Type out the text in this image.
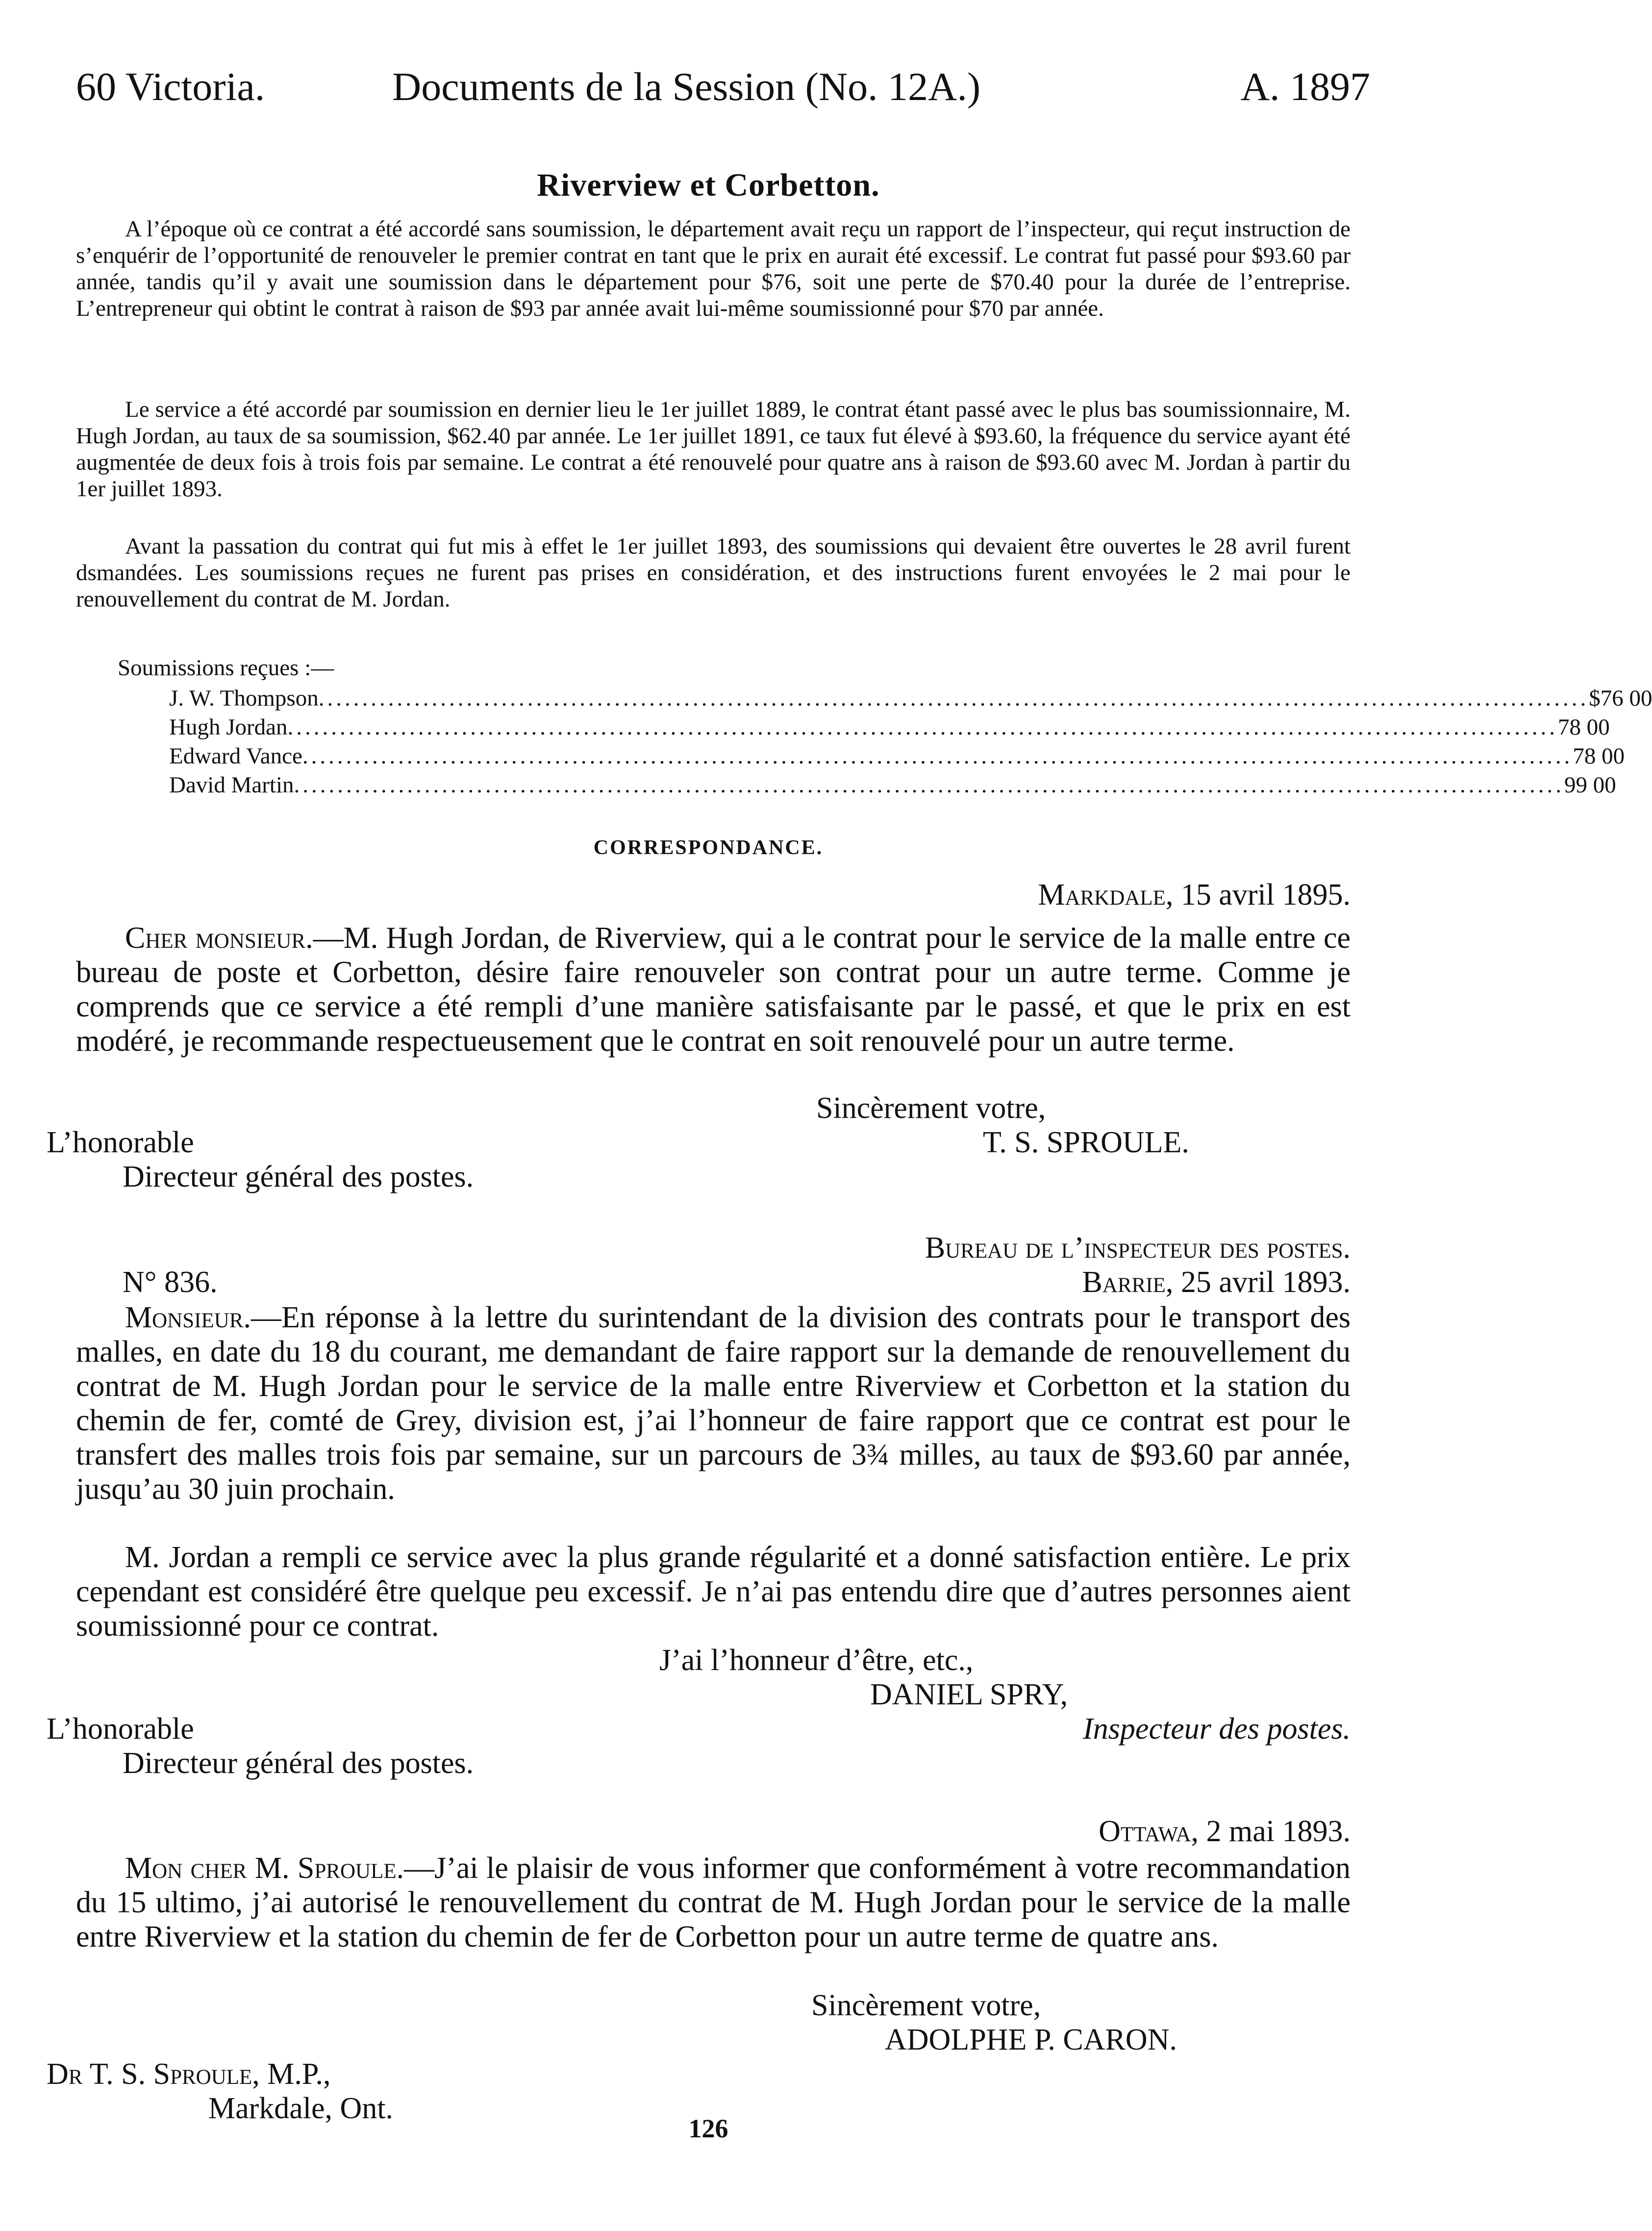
60 Victoria.	Documents de la Session (No. 12A.)	A. 1897
Riverview et Corbetton.
A l’époque où ce contrat a été accordé sans soumission, le département avait reçu un rapport de l’inspecteur, qui reçut instruction de s’enquérir de l’opportunité de renouveler le premier contrat en tant que le prix en aurait été excessif. Le contrat fut passé pour $93.60 par année, tandis qu’il y avait une soumission dans le département pour $76, soit une perte de $70.40 pour la durée de l’entreprise. L’entrepreneur qui obtint le contrat à raison de $93 par année avait lui-même soumissionné pour $70 par année.
Le service a été accordé par soumission en dernier lieu le 1er juillet 1889, le contrat étant passé avec le plus bas soumissionnaire, M. Hugh Jordan, au taux de sa soumission, $62.40 par année. Le 1er juillet 1891, ce taux fut élevé à $93.60, la fréquence du service ayant été augmentée de deux fois à trois fois par semaine. Le contrat a été renouvelé pour quatre ans à raison de $93.60 avec M. Jordan à partir du 1er juillet 1893.
Avant la passation du contrat qui fut mis à effet le 1er juillet 1893, des soumissions qui devaient être ouvertes le 28 avril furent dsmandées. Les soumissions reçues ne furent pas prises en considération, et des instructions furent envoyées le 2 mai pour le renouvellement du contrat de M. Jordan.
Soumissions reçues :—
J. W. Thompson .................................................................................................................................................. $76 00
Hugh Jordan .................................................................................................................................................. 78 00
Edward Vance .................................................................................................................................................. 78 00
David Martin .................................................................................................................................................. 99 00
CORRESPONDANCE.
Markdale, 15 avril 1895.
Cher monsieur.—M. Hugh Jordan, de Riverview, qui a le contrat pour le service de la malle entre ce bureau de poste et Corbetton, désire faire renouveler son contrat pour un autre terme. Comme je comprends que ce service a été rempli d’une manière satisfaisante par le passé, et que le prix en est modéré, je recommande respectueusement que le contrat en soit renouvelé pour un autre terme.
Sincèrement votre,
L’honorable	T. S. SPROULE.
Directeur général des postes.
Bureau de l’inspecteur des postes.
N° 836.	Barrie, 25 avril 1893.
Monsieur.—En réponse à la lettre du surintendant de la division des contrats pour le transport des malles, en date du 18 du courant, me demandant de faire rapport sur la demande de renouvellement du contrat de M. Hugh Jordan pour le service de la malle entre Riverview et Corbetton et la station du chemin de fer, comté de Grey, division est, j’ai l’honneur de faire rapport que ce contrat est pour le transfert des malles trois fois par semaine, sur un parcours de 3¾ milles, au taux de $93.60 par année, jusqu’au 30 juin prochain.
M. Jordan a rempli ce service avec la plus grande régularité et a donné satisfaction entière. Le prix cependant est considéré être quelque peu excessif. Je n’ai pas entendu dire que d’autres personnes aient soumissionné pour ce contrat.
J’ai l’honneur d’être, etc.,
DANIEL SPRY,
L’honorable	Inspecteur des postes.
Directeur général des postes.
Ottawa, 2 mai 1893.
Mon cher M. Sproule.—J’ai le plaisir de vous informer que conformément à votre recommandation du 15 ultimo, j’ai autorisé le renouvellement du contrat de M. Hugh Jordan pour le service de la malle entre Riverview et la station du chemin de fer de Corbetton pour un autre terme de quatre ans.
Sincèrement votre,
ADOLPHE P. CARON.
Dr T. S. Sproule, M.P.,
Markdale, Ont.
126
